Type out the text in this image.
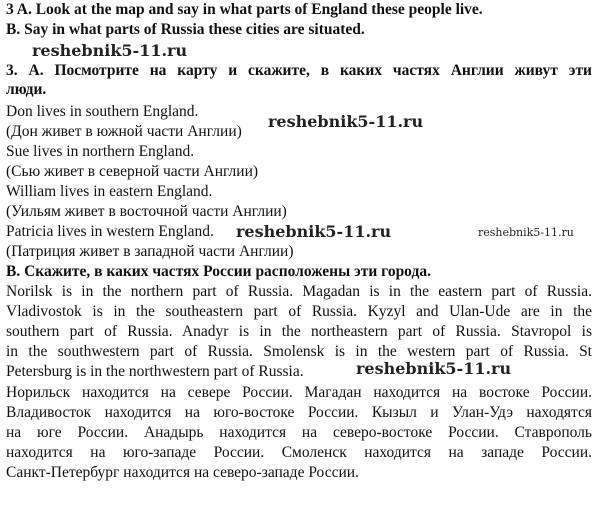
3 A. Look at the map and say in what parts of England these people live.
B. Say in what parts of Russia these cities are situated.
3. А. Посмотрите на карту и скажите, в каких частях Англии живут эти
люди.
Don lives in southern England.
(Дон живет в южной части Англии)
Sue lives in northern England.
(Сью живет в северной части Англии)
William lives in eastern England.
(Уильям живет в восточной части Англии)
Patricia lives in western England.
(Патриция живет в западной части Англии)
В. Скажите, в каких частях России расположены эти города.
Norilsk is in the northern part of Russia. Magadan is in the eastern part of Russia.
Vladivostok is in the southeastern part of Russia. Kyzyl and Ulan-Ude are in the
southern part of Russia. Anadyr is in the northeastern part of Russia. Stavropol is
in the southwestern part of Russia. Smolensk is in the western part of Russia. St
Petersburg is in the northwestern part of Russia.
Норильск находится на севере России. Магадан находится на востоке России.
Владивосток находится на юго-востоке России. Кызыл и Улан-Удэ находятся
на юге России. Анадырь находится на северо-востоке России. Ставрополь
находится на юго-западе России. Смоленск находится на западе России.
Санкт-Петербург находится на северо-западе России.
reshebnik5-11.ru
reshebnik5-11.ru
reshebnik5-11.ru	reshebnik5-11.ru
reshebnik5-11.ru
